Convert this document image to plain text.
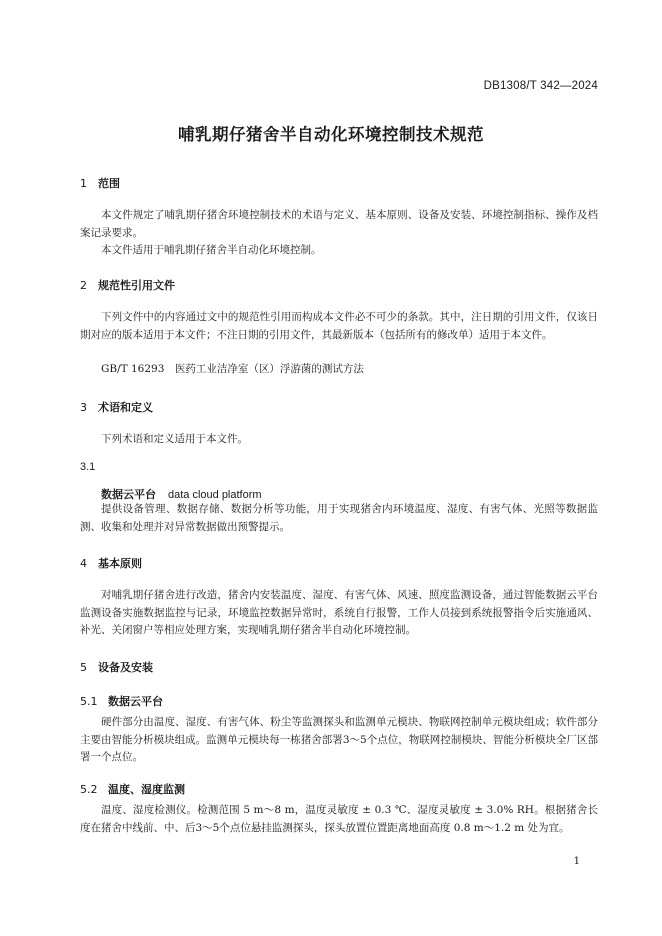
DB1308/T 342—2024
哺乳期仔猪舍半自动化环境控制技术规范
1 范围

本文件规定了哺乳期仔猪舍环境控制技术的术语与定义、基本原则、设备及安装、环境控制指标、操作及档案记录要求。

本文件适用于哺乳期仔猪舍半自动化环境控制。

2 规范性引用文件

下列文件中的内容通过文中的规范性引用而构成本文件必不可少的条款。其中，注日期的引用文件，仅该日期对应的版本适用于本文件；不注日期的引用文件，其最新版本（包括所有的修改单）适用于本文件。

GB/T 16293　医药工业洁净室（区）浮游菌的测试方法

3 术语和定义

下列术语和定义适用于本文件。

3.1
数据云平台 data cloud platform

提供设备管理、数据存储、数据分析等功能，用于实现猪舍内环境温度、湿度、有害气体、光照等数据监测、收集和处理并对异常数据做出预警提示。

4 基本原则

对哺乳期仔猪舍进行改造，猪舍内安装温度、湿度、有害气体、风速、照度监测设备，通过智能数据云平台监测设备实施数据监控与记录，环境监控数据异常时，系统自行报警，工作人员接到系统报警指令后实施通风、补光、关闭窗户等相应处理方案，实现哺乳期仔猪舍半自动化环境控制。

5 设备及安装
5.1 数据云平台

硬件部分由温度、湿度、有害气体、粉尘等监测探头和监测单元模块、物联网控制单元模块组成；软件部分主要由智能分析模块组成。监测单元模块每一栋猪舍部署3～5个点位，物联网控制模块、智能分析模块全厂区部署一个点位。

5.2 温度、湿度监测

温度、湿度检测仪。检测范围 5 m～8 m，温度灵敏度 ± 0.3 ℃、湿度灵敏度 ± 3.0% RH。根据猪舍长度在猪舍中线前、中、后3～5个点位悬挂监测探头，探头放置位置距离地面高度 0.8 m～1.2 m 处为宜。

1
